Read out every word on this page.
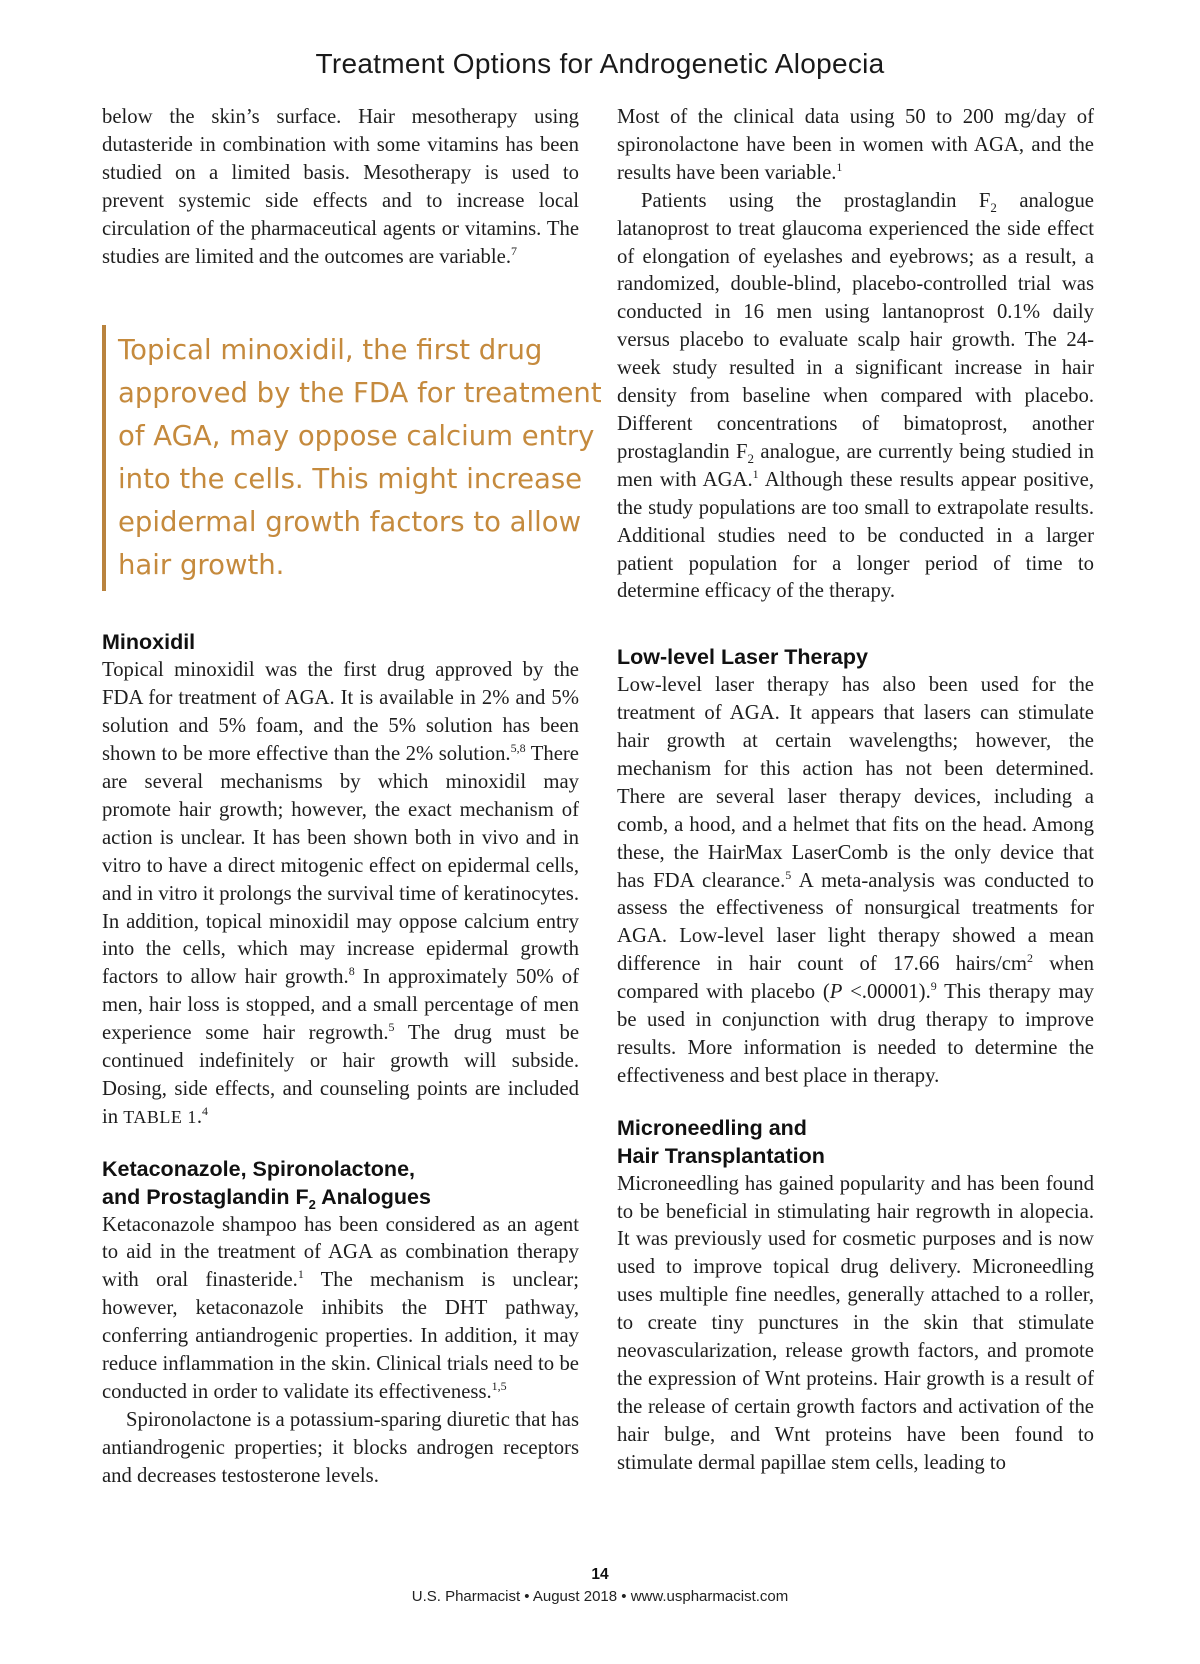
Treatment Options for Androgenetic Alopecia

below the skin’s surface. Hair mesotherapy using dutasteride in combination with some vitamins has been studied on a limited basis. Mesotherapy is used to prevent systemic side effects and to increase local circulation of the pharmaceutical agents or vitamins. The studies are limited and the outcomes are variable.$^7$

Topical minoxidil, the first drug
approved by the FDA for treatment
of AGA, may oppose calcium entry
into the cells. This might increase
epidermal growth factors to allow
hair growth.
Minoxidil

Topical minoxidil was the first drug approved by the FDA for treatment of AGA. It is available in 2% and 5% solution and 5% foam, and the 5% solution has been shown to be more effective than the 2% solution.$^{5,8}$ There are several mechanisms by which minoxidil may promote hair growth; however, the exact mechanism of action is unclear. It has been shown both in vivo and in vitro to have a direct mitogenic effect on epidermal cells, and in vitro it prolongs the survival time of keratinocytes. In addition, topical minoxidil may oppose calcium entry into the cells, which may increase epidermal growth factors to allow hair growth.$^8$ In approximately 50% of men, hair loss is stopped, and a small percentage of men experience some hair regrowth.$^5$ The drug must be continued indefinitely or hair growth will subside. Dosing, side effects, and counseling points are included in TABLE 1.$^4$

Ketaconazole, Spironolactone,
and Prostaglandin $F_2$ Analogues

Ketaconazole shampoo has been considered as an agent to aid in the treatment of AGA as combination therapy with oral finasteride.$^1$ The mechanism is unclear; however, ketaconazole inhibits the DHT pathway, conferring antiandrogenic properties. In addition, it may reduce inflammation in the skin. Clinical trials need to be conducted in order to validate its effectiveness.$^{1,5}$

Spironolactone is a potassium-sparing diuretic that has antiandrogenic properties; it blocks androgen receptors and decreases testosterone levels.

Most of the clinical data using 50 to 200 mg/day of spironolactone have been in women with AGA, and the results have been variable.$^1$

Patients using the prostaglandin $F_2$ analogue latanoprost to treat glaucoma experienced the side effect of elongation of eyelashes and eyebrows; as a result, a randomized, double-blind, placebo-controlled trial was conducted in 16 men using lantanoprost 0.1% daily versus placebo to evaluate scalp hair growth. The 24-week study resulted in a significant increase in hair density from baseline when compared with placebo. Different concentrations of bimatoprost, another prostaglandin $F_2$ analogue, are currently being studied in men with AGA.$^1$ Although these results appear positive, the study populations are too small to extrapolate results. Additional studies need to be conducted in a larger patient population for a longer period of time to determine efficacy of the therapy.

Low-level Laser Therapy

Low-level laser therapy has also been used for the treatment of AGA. It appears that lasers can stimulate hair growth at certain wavelengths; however, the mechanism for this action has not been determined. There are several laser therapy devices, including a comb, a hood, and a helmet that fits on the head. Among these, the HairMax LaserComb is the only device that has FDA clearance.$^5$ A meta-analysis was conducted to assess the effectiveness of nonsurgical treatments for AGA. Low-level laser light therapy showed a mean difference in hair count of 17.66 hairs/$cm^2$ when compared with placebo (P <.00001).$^9$ This therapy may be used in conjunction with drug therapy to improve results. More information is needed to determine the effectiveness and best place in therapy.

Microneedling and
Hair Transplantation

Microneedling has gained popularity and has been found to be beneficial in stimulating hair regrowth in alopecia. It was previously used for cosmetic purposes and is now used to improve topical drug delivery. Microneedling uses multiple fine needles, generally attached to a roller, to create tiny punctures in the skin that stimulate neovascularization, release growth factors, and promote the expression of Wnt proteins. Hair growth is a result of the release of certain growth factors and activation of the hair bulge, and Wnt proteins have been found to stimulate dermal papillae stem cells, leading to

14
U.S. Pharmacist • August 2018 • www.uspharmacist.com
